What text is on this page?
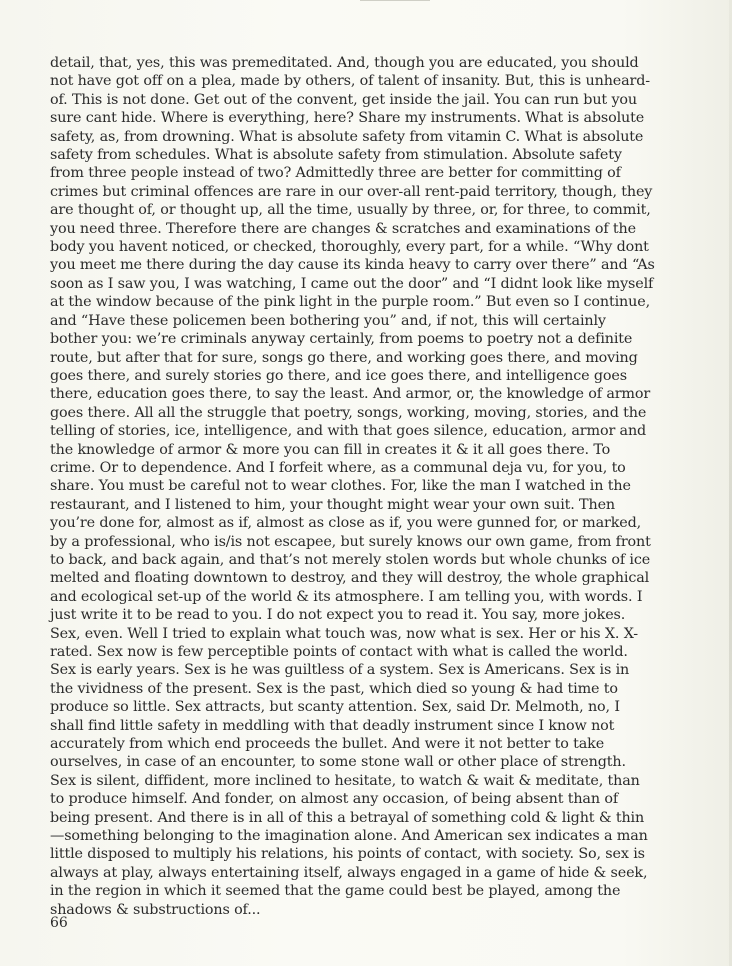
detail, that, yes, this was premeditated. And, though you are educated, you should not have got off on a plea, made by others, of talent of insanity. But, this is unheard-of. This is not done. Get out of the convent, get inside the jail. You can run but you sure cant hide. Where is everything, here? Share my instruments. What is absolute safety, as, from drowning. What is absolute safety from vitamin C. What is absolute safety from schedules. What is absolute safety from stimulation. Absolute safety from three people instead of two? Admittedly three are better for committing of crimes but criminal offences are rare in our over-all rent-paid territory, though, they are thought of, or thought up, all the time, usually by three, or, for three, to commit, you need three. Therefore there are changes & scratches and examinations of the body you havent noticed, or checked, thoroughly, every part, for a while. “Why dont you meet me there during the day cause its kinda heavy to carry over there” and “As soon as I saw you, I was watching, I came out the door” and “I didnt look like myself at the window because of the pink light in the purple room.” But even so I continue, and “Have these policemen been bothering you” and, if not, this will certainly bother you: we’re criminals anyway certainly, from poems to poetry not a definite route, but after that for sure, songs go there, and working goes there, and moving goes there, and surely stories go there, and ice goes there, and intelligence goes there, education goes there, to say the least. And armor, or, the knowledge of armor goes there. All all the struggle that poetry, songs, working, moving, stories, and the telling of stories, ice, intelligence, and with that goes silence, education, armor and the knowledge of armor & more you can fill in creates it & it all goes there. To crime. Or to dependence. And I forfeit where, as a communal deja vu, for you, to share. You must be careful not to wear clothes. For, like the man I watched in the restaurant, and I listened to him, your thought might wear your own suit. Then you’re done for, almost as if, almost as close as if, you were gunned for, or marked, by a professional, who is/is not escapee, but surely knows our own game, from front to back, and back again, and that’s not merely stolen words but whole chunks of ice melted and floating downtown to destroy, and they will destroy, the whole graphical and ecological set-up of the world & its atmosphere. I am telling you, with words. I just write it to be read to you. I do not expect you to read it. You say, more jokes. Sex, even. Well I tried to explain what touch was, now what is sex. Her or his X. X-rated. Sex now is few perceptible points of contact with what is called the world. Sex is early years. Sex is he was guiltless of a system. Sex is Americans. Sex is in the vividness of the present. Sex is the past, which died so young & had time to produce so little. Sex attracts, but scanty attention. Sex, said Dr. Melmoth, no, I shall find little safety in meddling with that deadly instrument since I know not accurately from which end proceeds the bullet. And were it not better to take ourselves, in case of an encounter, to some stone wall or other place of strength. Sex is silent, diffident, more inclined to hesitate, to watch & wait & meditate, than to produce himself. And fonder, on almost any occasion, of being absent than of being present. And there is in all of this a betrayal of something cold & light & thin—something belonging to the imagination alone. And American sex indicates a man little disposed to multiply his relations, his points of contact, with society. So, sex is always at play, always entertaining itself, always engaged in a game of hide & seek, in the region in which it seemed that the game could best be played, among the shadows & substructions of...

66
